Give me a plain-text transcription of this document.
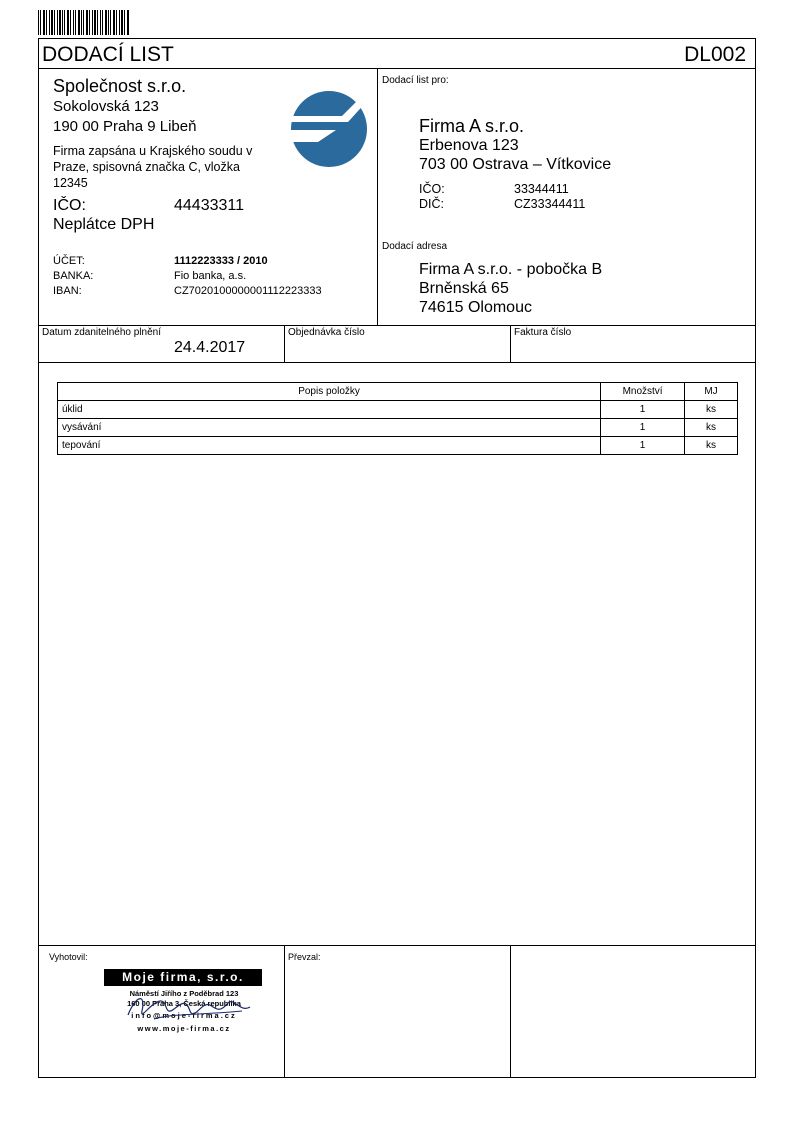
DODACÍ LIST	DL002
Společnost s.r.o.
Sokolovská 123
190 00 Praha 9 Libeň
Firma zapsána u Krajského soudu v
Praze, spisovná značka C, vložka
12345
IČO:	44433311
Neplátce DPH
ÚČET:	1112223333 / 2010
BANKA:	Fio banka, a.s.
IBAN:	CZ7020100000001112223333
Dodací list pro:
Firma A s.r.o.
Erbenova 123
703 00 Ostrava – Vítkovice
IČO:	33344411
DIČ:	CZ33344411
Dodací adresa
Firma A s.r.o. - pobočka B
Brněnská 65
74615 Olomouc
Datum zdanitelného plnění
24.4.2017
Objednávka číslo	Faktura číslo
Popis položky	Množství	MJ
úklid	1	ks
vysávání	1	ks
tepování	1	ks
Vyhotovil:	Převzal:
Moje firma, s.r.o.
Náměstí Jiřího z Poděbrad 123
160 00 Praha 3, Česká republika
info@moje-firma.cz
www.moje-firma.cz
